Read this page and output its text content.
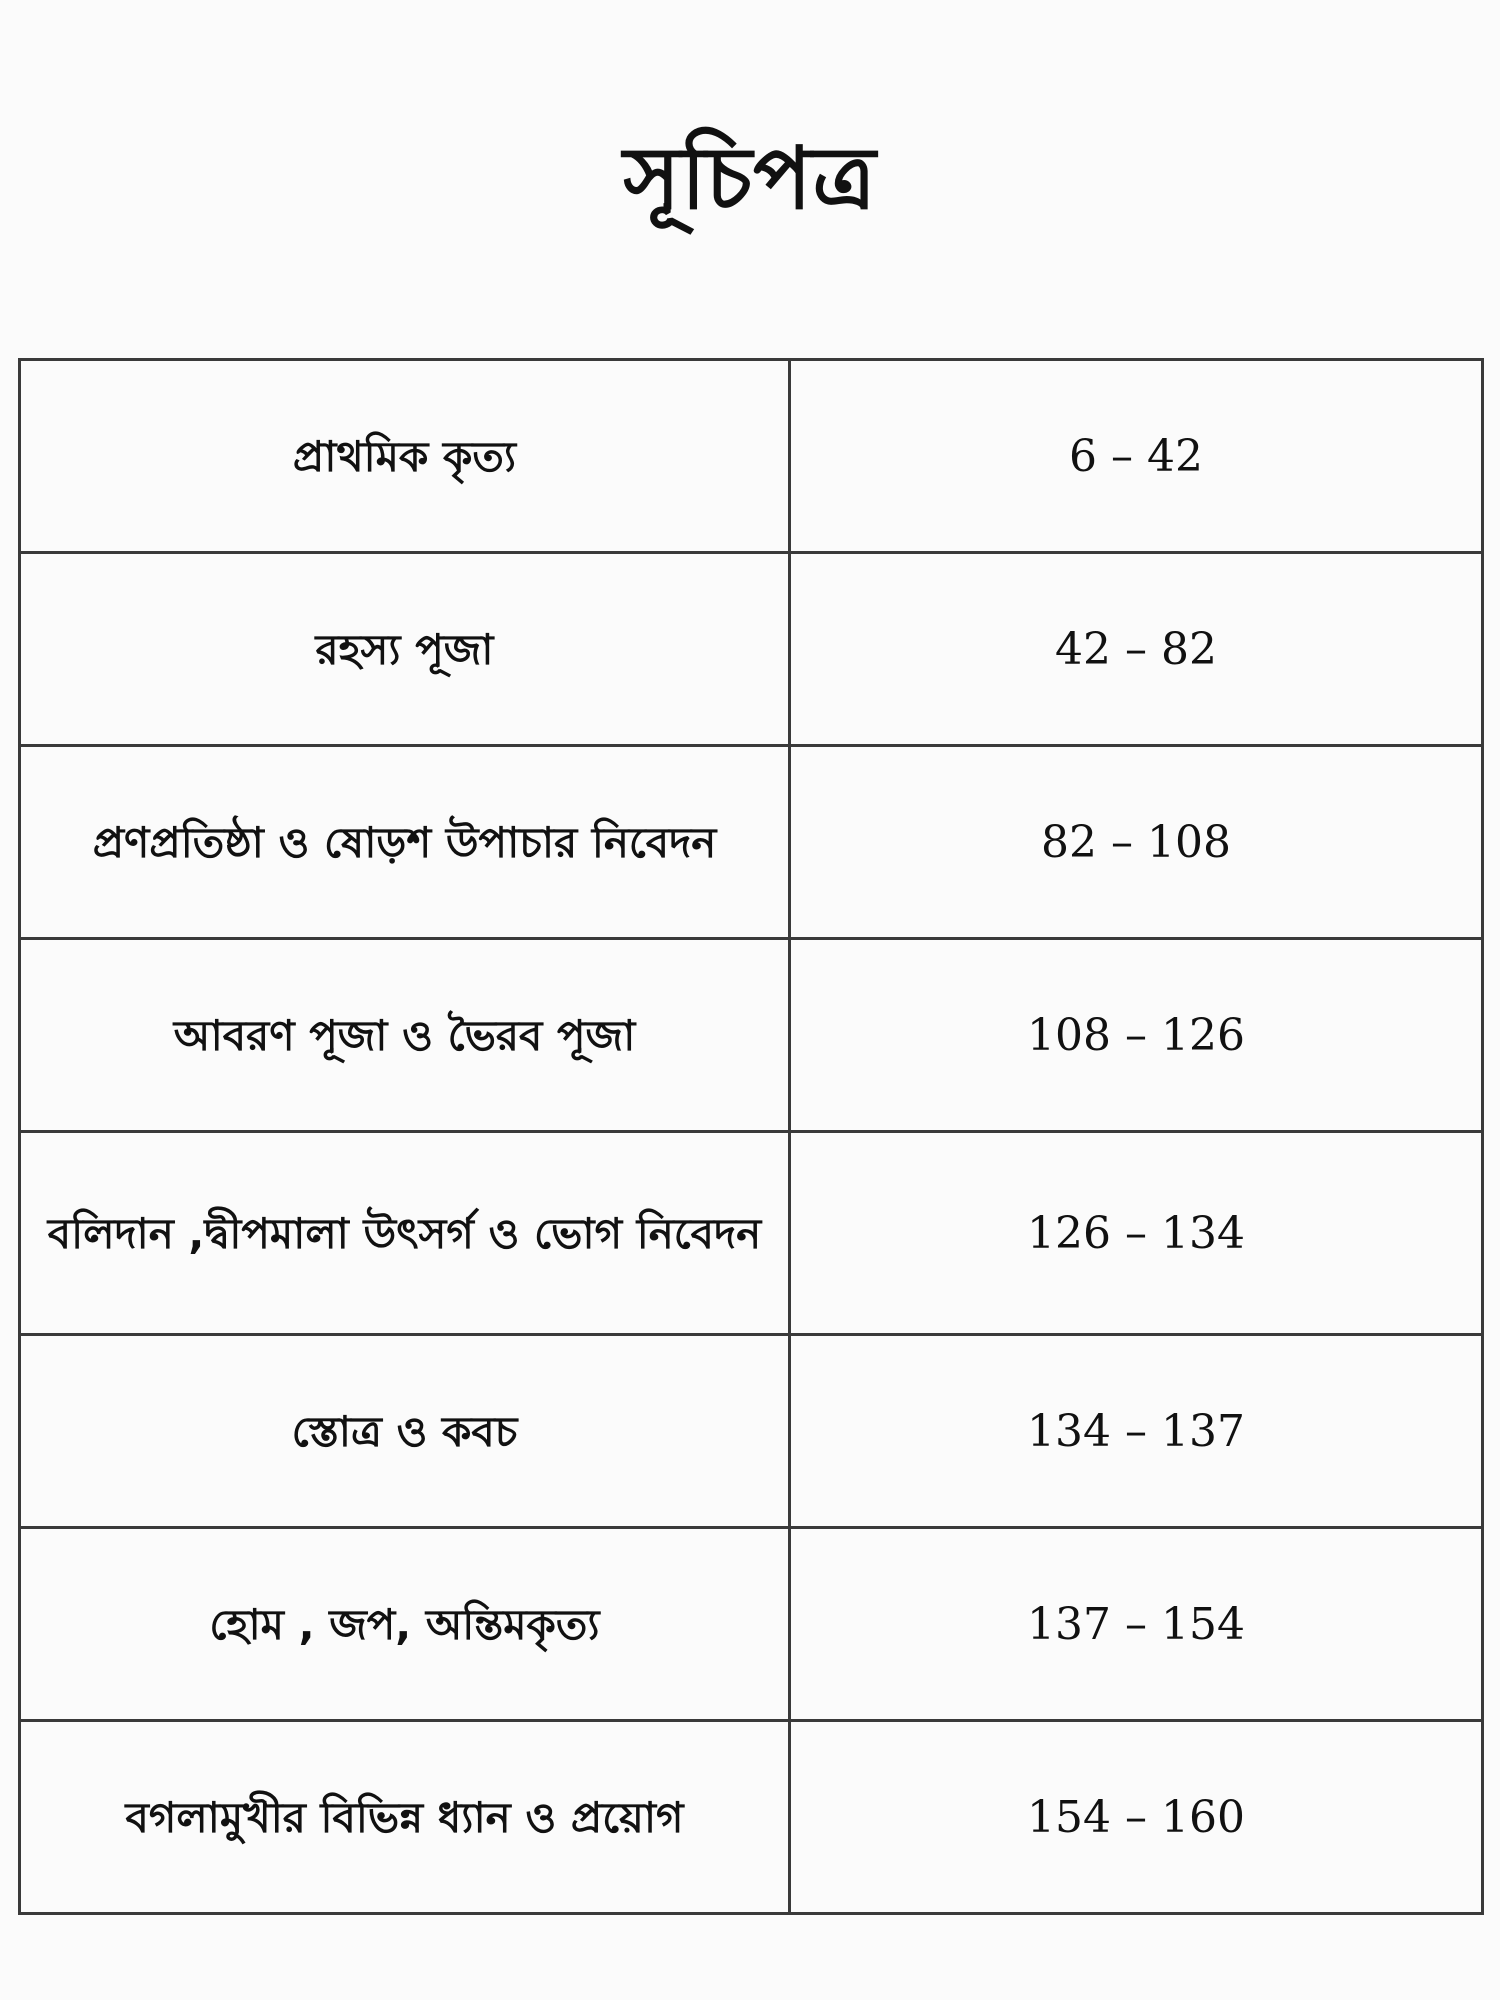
সূচিপত্র
প্রাথমিক কৃত্য	6 – 42
রহস্য পূজা	42 – 82
প্রণপ্রতিষ্ঠা ও ষোড়শ উপাচার নিবেদন	82 – 108
আবরণ পূজা ও ভৈরব পূজা	108 – 126
বলিদান ,দ্বীপমালা উৎসর্গ ও ভোগ নিবেদন	126 – 134
স্তোত্র ও কবচ	134 – 137
হোম , জপ, অন্তিমকৃত্য	137 – 154
বগলামুখীর বিভিন্ন ধ্যান ও প্রয়োগ	154 – 160
